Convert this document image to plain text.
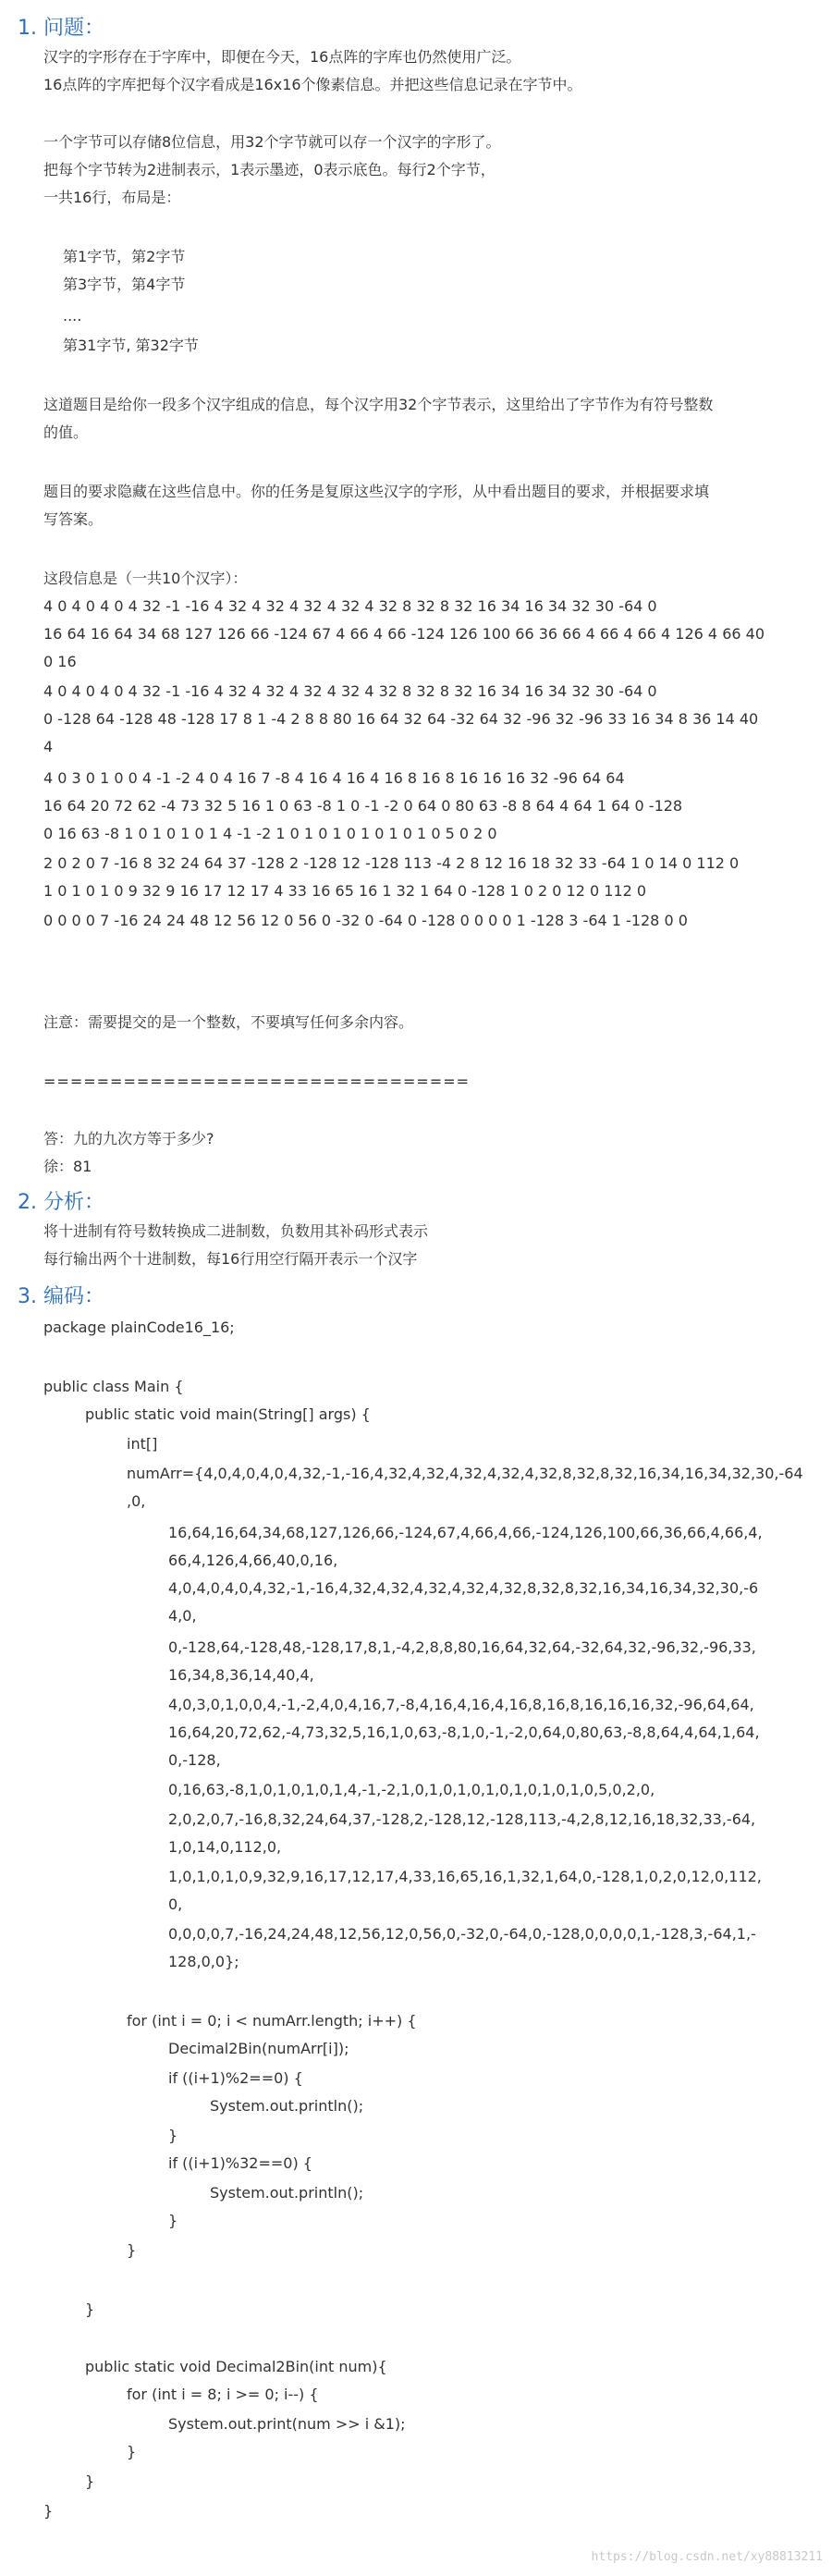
1. 问题：
汉字的字形存在于字库中，即便在今天，16点阵的字库也仍然使用广泛。
16点阵的字库把每个汉字看成是16x16个像素信息。并把这些信息记录在字节中。
一个字节可以存储8位信息，用32个字节就可以存一个汉字的字形了。
把每个字节转为2进制表示，1表示墨迹，0表示底色。每行2个字节，
一共16行，布局是：
第1字节，第2字节
第3字节，第4字节
....
第31字节, 第32字节
这道题目是给你一段多个汉字组成的信息，每个汉字用32个字节表示，这里给出了字节作为有符号整数
的值。
题目的要求隐藏在这些信息中。你的任务是复原这些汉字的字形，从中看出题目的要求，并根据要求填
写答案。
这段信息是（一共10个汉字）：
4 0 4 0 4 0 4 32 -1 -16 4 32 4 32 4 32 4 32 4 32 8 32 8 32 16 34 16 34 32 30 -64 0
16 64 16 64 34 68 127 126 66 -124 67 4 66 4 66 -124 126 100 66 36 66 4 66 4 66 4 126 4 66 40
0 16
4 0 4 0 4 0 4 32 -1 -16 4 32 4 32 4 32 4 32 4 32 8 32 8 32 16 34 16 34 32 30 -64 0
0 -128 64 -128 48 -128 17 8 1 -4 2 8 8 80 16 64 32 64 -32 64 32 -96 32 -96 33 16 34 8 36 14 40
4
4 0 3 0 1 0 0 4 -1 -2 4 0 4 16 7 -8 4 16 4 16 4 16 8 16 8 16 16 16 32 -96 64 64
16 64 20 72 62 -4 73 32 5 16 1 0 63 -8 1 0 -1 -2 0 64 0 80 63 -8 8 64 4 64 1 64 0 -128
0 16 63 -8 1 0 1 0 1 0 1 4 -1 -2 1 0 1 0 1 0 1 0 1 0 1 0 5 0 2 0
2 0 2 0 7 -16 8 32 24 64 37 -128 2 -128 12 -128 113 -4 2 8 12 16 18 32 33 -64 1 0 14 0 112 0
1 0 1 0 1 0 9 32 9 16 17 12 17 4 33 16 65 16 1 32 1 64 0 -128 1 0 2 0 12 0 112 0
0 0 0 0 7 -16 24 24 48 12 56 12 0 56 0 -32 0 -64 0 -128 0 0 0 0 1 -128 3 -64 1 -128 0 0
注意：需要提交的是一个整数，不要填写任何多余内容。
================================
答：九的九次方等于多少?
徐：81
2. 分析：
将十进制有符号数转换成二进制数，负数用其补码形式表示
每行输出两个十进制数，每16行用空行隔开表示一个汉字
3. 编码：
package plainCode16_16;
public class Main {
public static void main(String[] args) {
int[]
numArr={4,0,4,0,4,0,4,32,-1,-16,4,32,4,32,4,32,4,32,4,32,8,32,8,32,16,34,16,34,32,30,-64
,0,
16,64,16,64,34,68,127,126,66,-124,67,4,66,4,66,-124,126,100,66,36,66,4,66,4,
66,4,126,4,66,40,0,16,
4,0,4,0,4,0,4,32,-1,-16,4,32,4,32,4,32,4,32,4,32,8,32,8,32,16,34,16,34,32,30,-6
4,0,
0,-128,64,-128,48,-128,17,8,1,-4,2,8,8,80,16,64,32,64,-32,64,32,-96,32,-96,33,
16,34,8,36,14,40,4,
4,0,3,0,1,0,0,4,-1,-2,4,0,4,16,7,-8,4,16,4,16,4,16,8,16,8,16,16,16,32,-96,64,64,
16,64,20,72,62,-4,73,32,5,16,1,0,63,-8,1,0,-1,-2,0,64,0,80,63,-8,8,64,4,64,1,64,
0,-128,
0,16,63,-8,1,0,1,0,1,0,1,4,-1,-2,1,0,1,0,1,0,1,0,1,0,1,0,1,0,5,0,2,0,
2,0,2,0,7,-16,8,32,24,64,37,-128,2,-128,12,-128,113,-4,2,8,12,16,18,32,33,-64,
1,0,14,0,112,0,
1,0,1,0,1,0,9,32,9,16,17,12,17,4,33,16,65,16,1,32,1,64,0,-128,1,0,2,0,12,0,112,
0,
0,0,0,0,7,-16,24,24,48,12,56,12,0,56,0,-32,0,-64,0,-128,0,0,0,0,1,-128,3,-64,1,-
128,0,0};
for (int i = 0; i < numArr.length; i++) {
Decimal2Bin(numArr[i]);
if ((i+1)%2==0) {
System.out.println();
}
if ((i+1)%32==0) {
System.out.println();
}
}
}
public static void Decimal2Bin(int num){
for (int i = 8; i >= 0; i--) {
System.out.print(num >> i &1);
}
}
}
https://blog.csdn.net/xy88813211
